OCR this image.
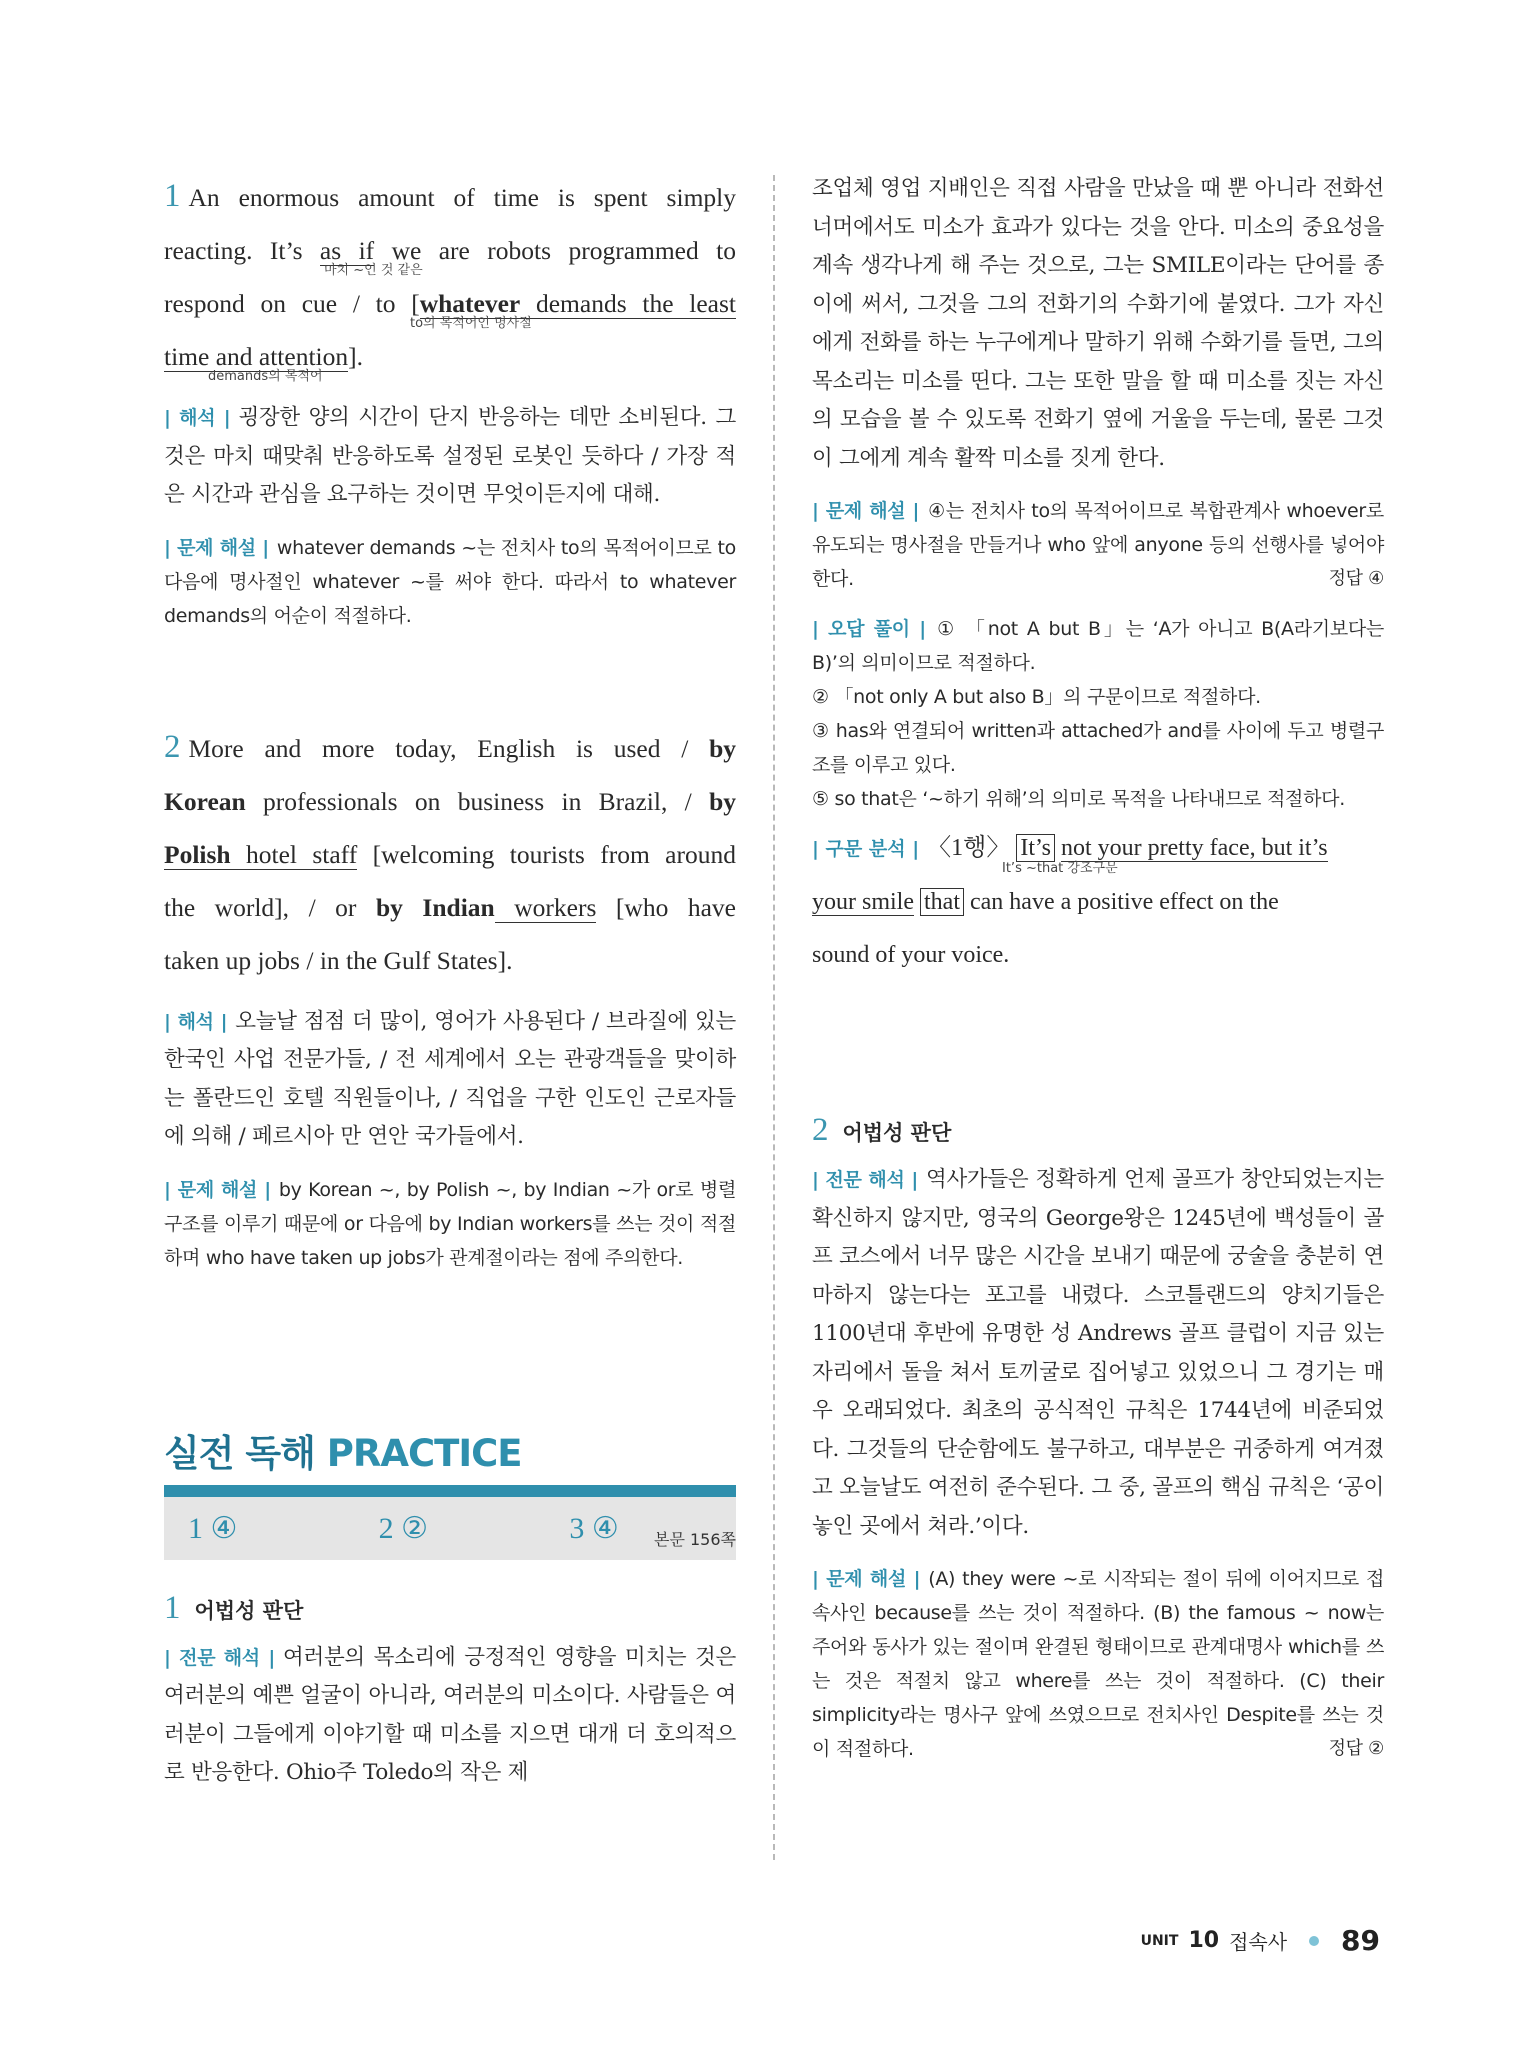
1 An enormous amount of time is spent simply

reacting. It’s as if we are robots programmed to
마치 ~인 것 같은

respond on cue / to [whatever demands the least
to의 목적어인 명사절

time and attention].
demands의 목적어

| 해석 | 굉장한 양의 시간이 단지 반응하는 데만 소비된다. 그것은 마치 때맞춰 반응하도록 설정된 로봇인 듯하다 / 가장 적은 시간과 관심을 요구하는 것이면 무엇이든지에 대해.

| 문제 해설 | whatever demands ~는 전치사 to의 목적어이므로 to 다음에 명사절인 whatever ~를 써야 한다. 따라서 to whatever demands의 어순이 적절하다.

2 More and more today, English is used / by

Korean professionals on business in Brazil, / by

Polish hotel staff [welcoming tourists from around

the world], / or by Indian workers [who have

taken up jobs / in the Gulf States].

| 해석 | 오늘날 점점 더 많이, 영어가 사용된다 / 브라질에 있는 한국인 사업 전문가들, / 전 세계에서 오는 관광객들을 맞이하는 폴란드인 호텔 직원들이나, / 직업을 구한 인도인 근로자들에 의해 / 페르시아 만 연안 국가들에서.

| 문제 해설 | by Korean ~, by Polish ~, by Indian ~가 or로 병렬구조를 이루기 때문에 or 다음에 by Indian workers를 쓰는 것이 적절하며 who have taken up jobs가 관계절이라는 점에 주의한다.

실전 독해 PRACTICE
본문 156쪽
1 ④	2 ②	3 ④

1 어법성 판단

| 전문 해석 | 여러분의 목소리에 긍정적인 영향을 미치는 것은 여러분의 예쁜 얼굴이 아니라, 여러분의 미소이다. 사람들은 여러분이 그들에게 이야기할 때 미소를 지으면 대개 더 호의적으로 반응한다. Ohio주 Toledo의 작은 제

조업체 영업 지배인은 직접 사람을 만났을 때 뿐 아니라 전화선 너머에서도 미소가 효과가 있다는 것을 안다. 미소의 중요성을 계속 생각나게 해 주는 것으로, 그는 SMILE이라는 단어를 종이에 써서, 그것을 그의 전화기의 수화기에 붙였다. 그가 자신에게 전화를 하는 누구에게나 말하기 위해 수화기를 들면, 그의 목소리는 미소를 띤다. 그는 또한 말을 할 때 미소를 짓는 자신의 모습을 볼 수 있도록 전화기 옆에 거울을 두는데, 물론 그것이 그에게 계속 활짝 미소를 짓게 한다.

| 문제 해설 | ④는 전치사 to의 목적어이므로 복합관계사 whoever로 유도되는 명사절을 만들거나 who 앞에 anyone 등의 선행사를 넣어야 한다.	정답 ④

| 오답 풀이 | ① 「not A but B」는 ‘A가 아니고 B(A라기보다는 B)’의 의미이므로 적절하다.

② 「not only A but also B」의 구문이므로 적절하다.

③ has와 연결되어 written과 attached가 and를 사이에 두고 병렬구조를 이루고 있다.

⑤ so that은 ‘~하기 위해’의 의미로 목적을 나타내므로 적절하다.

| 구문 분석 | 〈1행〉 It’s not your pretty face, but it’s
It’s ~that 강조구문

your smile that can have a positive effect on the

sound of your voice.

2 어법성 판단

| 전문 해석 | 역사가들은 정확하게 언제 골프가 창안되었는지는 확신하지 않지만, 영국의 George왕은 1245년에 백성들이 골프 코스에서 너무 많은 시간을 보내기 때문에 궁술을 충분히 연마하지 않는다는 포고를 내렸다. 스코틀랜드의 양치기들은 1100년대 후반에 유명한 성 Andrews 골프 클럽이 지금 있는 자리에서 돌을 쳐서 토끼굴로 집어넣고 있었으니 그 경기는 매우 오래되었다. 최초의 공식적인 규칙은 1744년에 비준되었다. 그것들의 단순함에도 불구하고, 대부분은 귀중하게 여겨졌고 오늘날도 여전히 준수된다. 그 중, 골프의 핵심 규칙은 ‘공이 놓인 곳에서 쳐라.’이다.

| 문제 해설 | (A) they were ~로 시작되는 절이 뒤에 이어지므로 접속사인 because를 쓰는 것이 적절하다. (B) the famous ~ now는 주어와 동사가 있는 절이며 완결된 형태이므로 관계대명사 which를 쓰는 것은 적절치 않고 where를 쓰는 것이 적절하다. (C) their simplicity라는 명사구 앞에 쓰였으므로 전치사인 Despite를 쓰는 것이 적절하다.	정답 ②

UNIT 10 접속사 89
